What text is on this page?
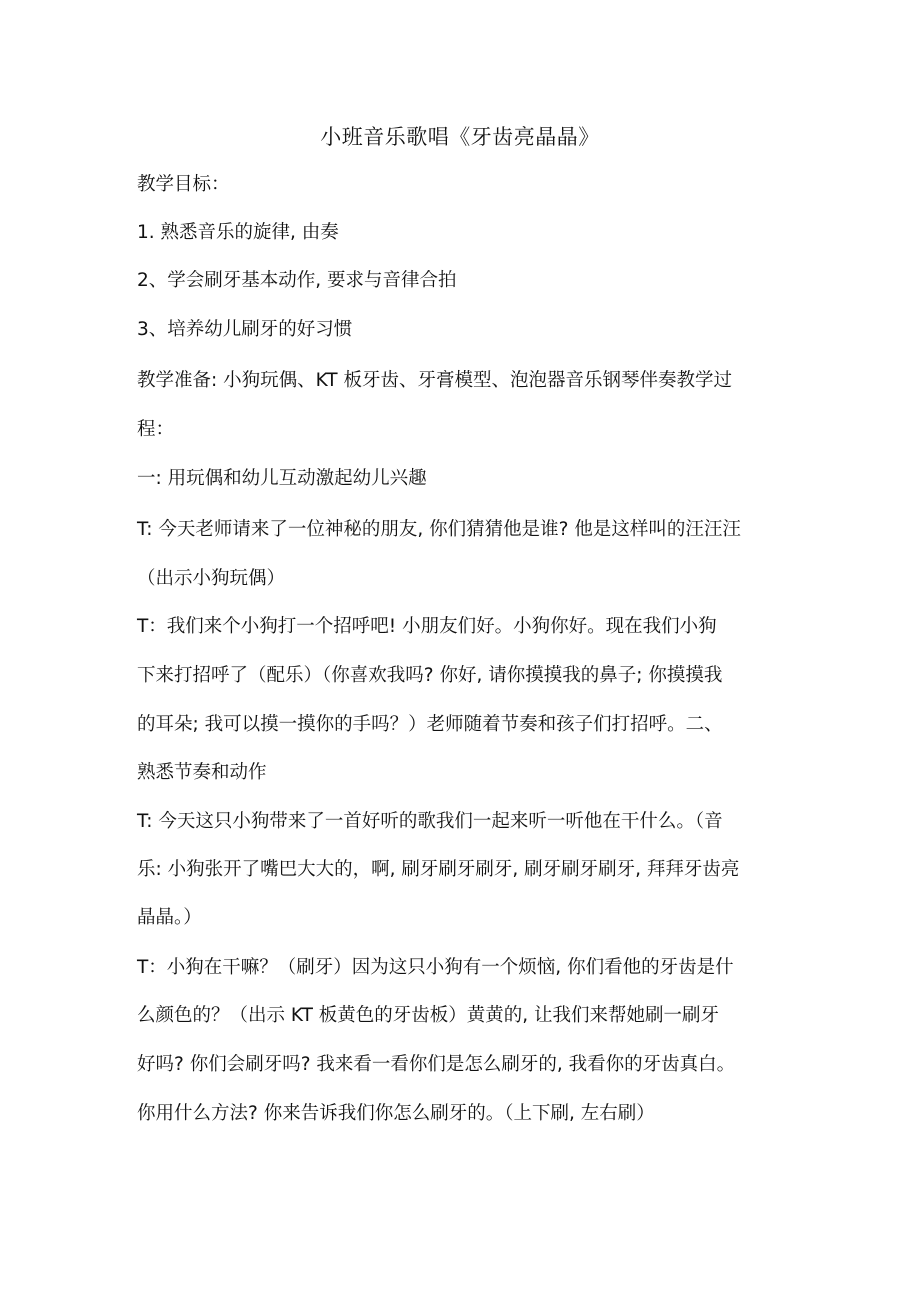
小班音乐歌唱《牙齿亮晶晶》
教学目标：
1. 熟悉音乐的旋律, 由奏
2、学会刷牙基本动作, 要求与音律合拍
3、培养幼儿刷牙的好习惯
教学准备: 小狗玩偶、KT 板牙齿、牙膏模型、泡泡器音乐钢琴伴奏教学过
程：
一: 用玩偶和幼儿互动激起幼儿兴趣
T: 今天老师请来了一位神秘的朋友, 你们猜猜他是谁? 他是这样叫的汪汪汪
（出示小狗玩偶）
T：我们来个小狗打一个招呼吧! 小朋友们好。小狗你好。现在我们小狗
下来打招呼了（配乐）（你喜欢我吗? 你好, 请你摸摸我的鼻子; 你摸摸我
的耳朵; 我可以摸一摸你的手吗？）老师随着节奏和孩子们打招呼。二、
熟悉节奏和动作
T: 今天这只小狗带来了一首好听的歌我们一起来听一听他在干什么。（音
乐: 小狗张开了嘴巴大大的，啊, 刷牙刷牙刷牙, 刷牙刷牙刷牙, 拜拜牙齿亮
晶晶。）
T：小狗在干嘛？（刷牙）因为这只小狗有一个烦恼, 你们看他的牙齿是什
么颜色的？（出示 KT 板黄色的牙齿板）黄黄的, 让我们来帮她刷一刷牙
好吗? 你们会刷牙吗? 我来看一看你们是怎么刷牙的, 我看你的牙齿真白。
你用什么方法? 你来告诉我们你怎么刷牙的。（上下刷, 左右刷）
